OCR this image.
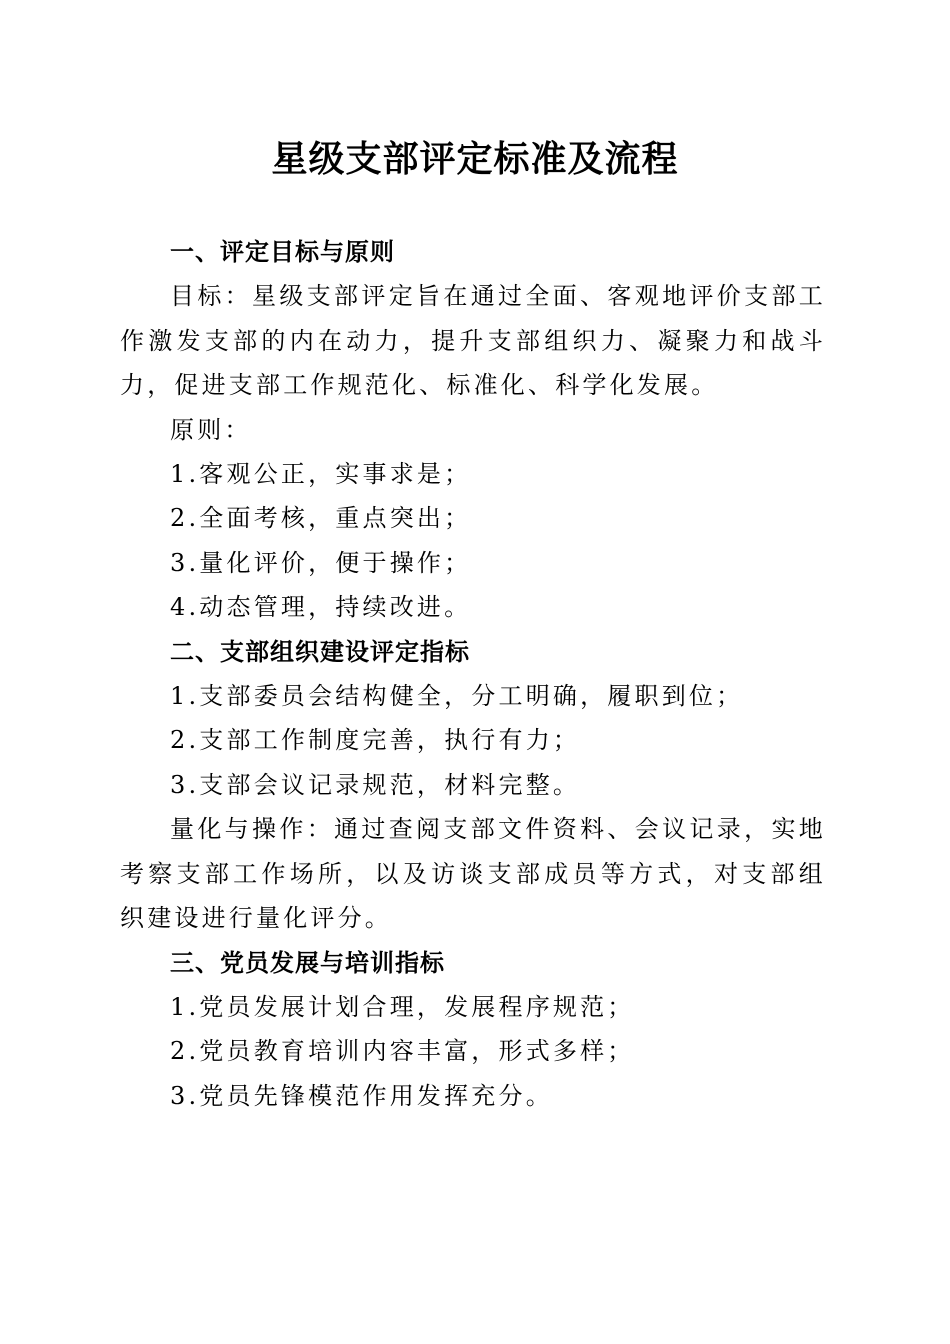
星级支部评定标准及流程

一、评定目标与原则

目标：星级支部评定旨在通过全面、客观地评价支部工作激发支部的内在动力，提升支部组织力、凝聚力和战斗力，促进支部工作规范化、标准化、科学化发展。

原则：

1.客观公正，实事求是；

2.全面考核，重点突出；

3.量化评价，便于操作；

4.动态管理，持续改进。

二、支部组织建设评定指标

1.支部委员会结构健全，分工明确，履职到位；

2.支部工作制度完善，执行有力；

3.支部会议记录规范，材料完整。

量化与操作：通过查阅支部文件资料、会议记录，实地考察支部工作场所，以及访谈支部成员等方式，对支部组织建设进行量化评分。

三、党员发展与培训指标

1.党员发展计划合理，发展程序规范；

2.党员教育培训内容丰富，形式多样；

3.党员先锋模范作用发挥充分。
